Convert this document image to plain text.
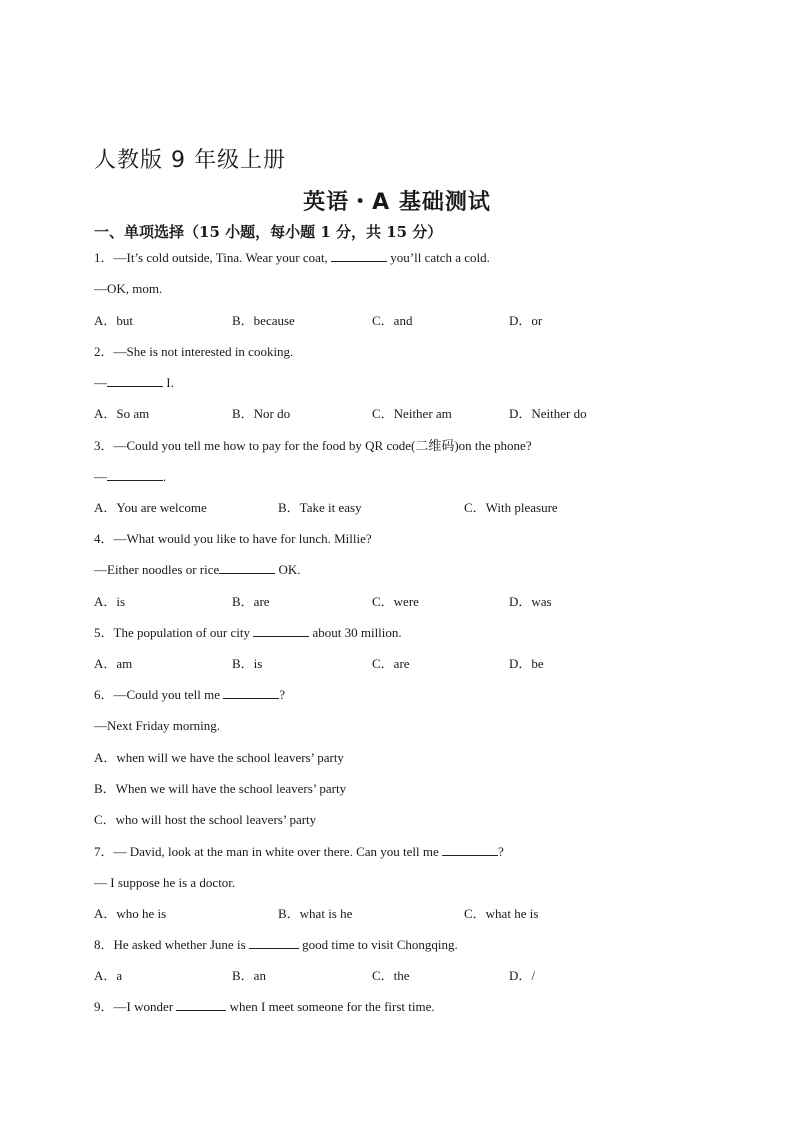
人教版 9 年级上册
英语・A 基础测试
一、单项选择（15 小题，每小题 1 分，共 15 分）
1．—It’s cold outside, Tina. Wear your coat,	you’ll catch a cold.
—OK, mom.
A．but	B．because	C．and	D．or
2．—She is not interested in cooking.
—	I.
A．So am	B．Nor do	C．Neither am	D．Neither do
3．—Could you tell me how to pay for the food by QR code(二维码)on the phone?
—	.
A．You are welcome	B．Take it easy	C．With pleasure
4．—What would you like to have for lunch. Millie?
—Either noodles or rice	OK.
A．is	B．are	C．were	D．was
5．The population of our city	about 30 million.
A．am	B．is	C．are	D．be
6．—Could you tell me	?
—Next Friday morning.
A．when will we have the school leavers’ party
B．When we will have the school leavers’ party
C．who will host the school leavers’ party
7．— David, look at the man in white over there. Can you tell me	?
— I suppose he is a doctor.
A．who he is	B．what is he	C．what he is
8．He asked whether June is	good time to visit Chongqing.
A．a	B．an	C．the	D．/
9．—I wonder	when I meet someone for the first time.
